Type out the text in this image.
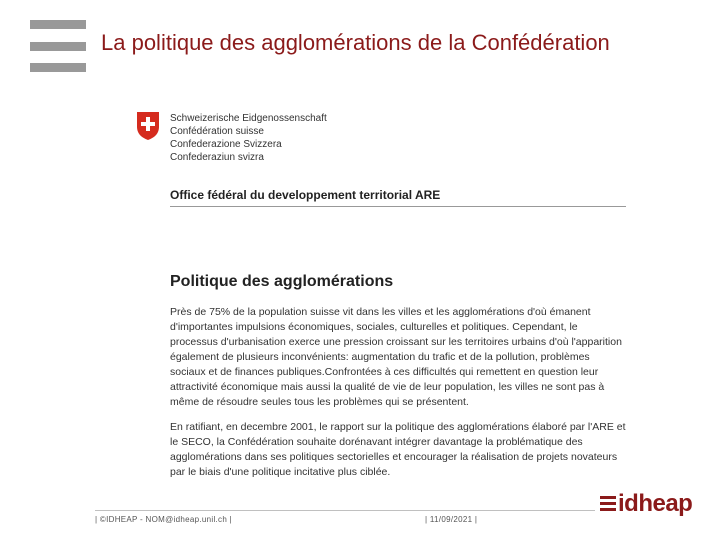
La politique des agglomérations de la Confédération
Schweizerische Eidgenossenschaft
Confédération suisse
Confederazione Svizzera
Confederaziun svizra
Office fédéral du developpement territorial ARE
Politique des agglomérations
Près de 75% de la population suisse vit dans les villes et les agglomérations d'où émanent d'importantes impulsions économiques, sociales, culturelles et politiques. Cependant, le processus d'urbanisation exerce une pression croissant sur les territoires urbains d'où l'apparition également de plusieurs inconvénients: augmentation du trafic et de la pollution, problèmes sociaux et de finances publiques.Confrontées à ces difficultés qui remettent en question leur attractivité économique mais aussi la qualité de vie de leur population, les villes ne sont pas à même de résoudre seules tous les problèmes qui se présentent.
En ratifiant, en decembre 2001, le rapport sur la politique des agglomérations élaboré par l'ARE et le SECO, la Confédération souhaite dorénavant intégrer davantage la problématique des agglomérations dans ses politiques sectorielles et encourager la réalisation de projets novateurs par le biais d'une politique incitative plus ciblée.
| ©IDHEAP - NOM@idheap.unil.ch |	| 11/09/2021 |
idheap
